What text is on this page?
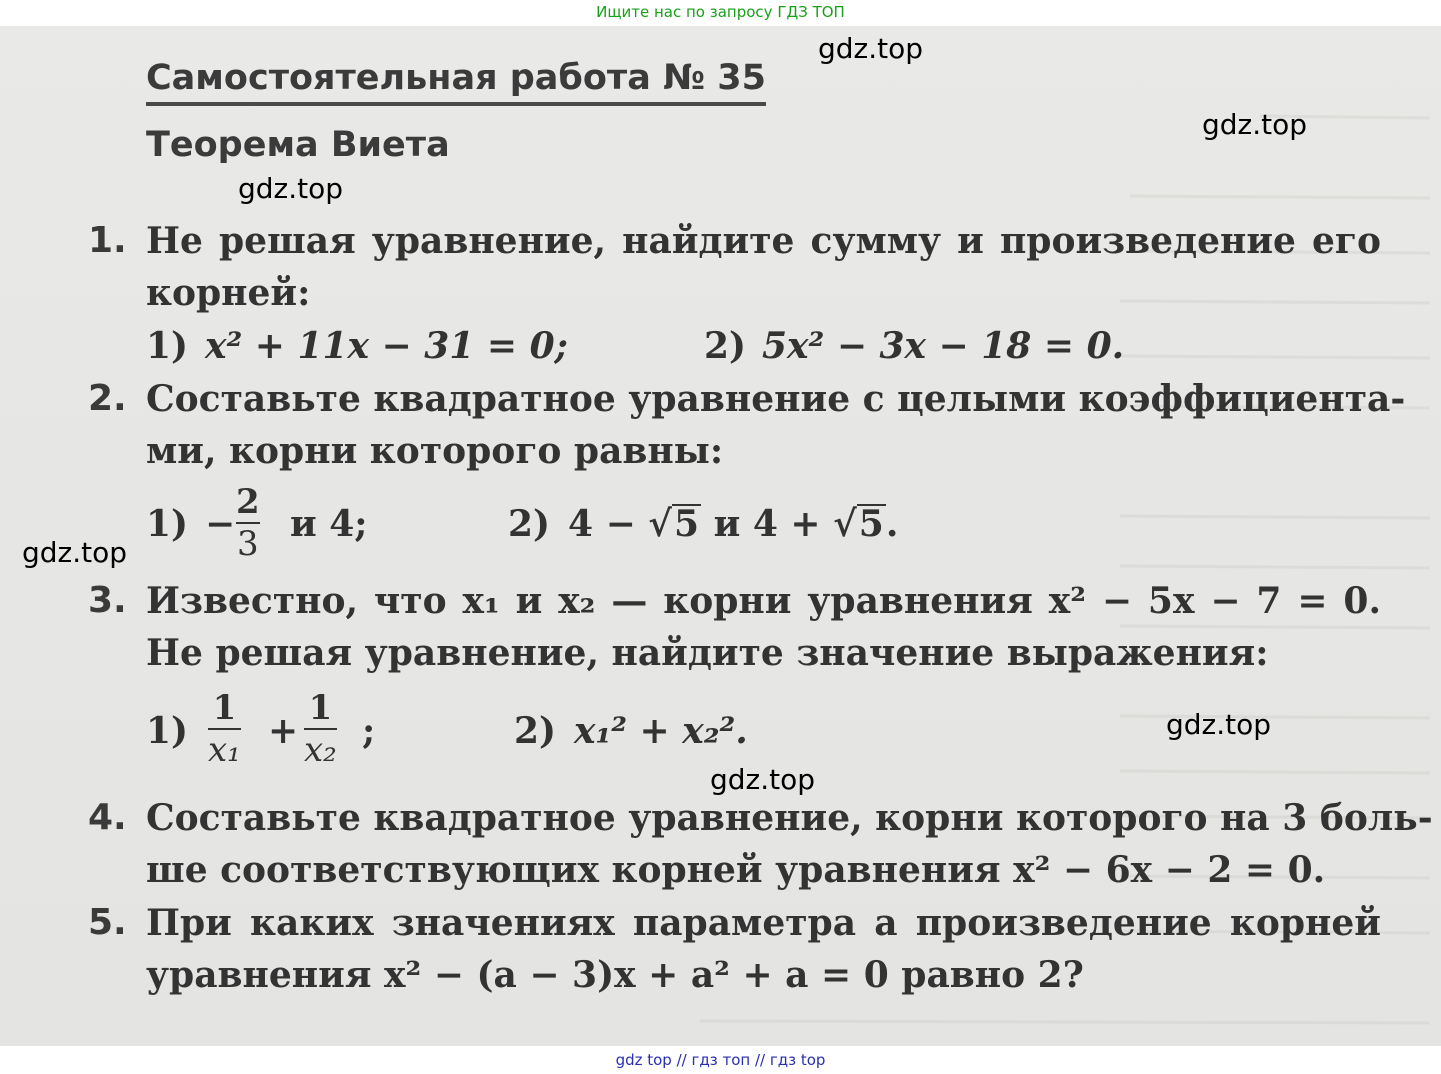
Ищите нас по запросу ГДЗ ТОП
Самостоятельная работа № 35
Теорема Виета
1. Не решая уравнение, найдите сумму и произведение его
корней:
1) x² + 11x − 31 = 0;	2) 5x² − 3x − 18 = 0.
2. Составьте квадратное уравнение с целыми коэффициента-
ми, корни которого равны:
1) −
2
3 и 4;	2) 4 − √5 и 4 + √5.
3. Известно, что x₁ и x₂ — корни уравнения x² − 5x − 7 = 0.
Не решая уравнение, найдите значение выражения:
1)
1
x₁ +
1
x₂ ;	2) x₁² + x₂².
4. Составьте квадратное уравнение, корни которого на 3 боль-
ше соответствующих корней уравнения x² − 6x − 2 = 0.
5. При каких значениях параметра a произведение корней
уравнения x² − (a − 3)x + a² + a = 0 равно 2?
gdz.top
gdz.top
gdz.top
gdz.top
gdz.top
gdz.top
gdz top // гдз топ // гдз top
